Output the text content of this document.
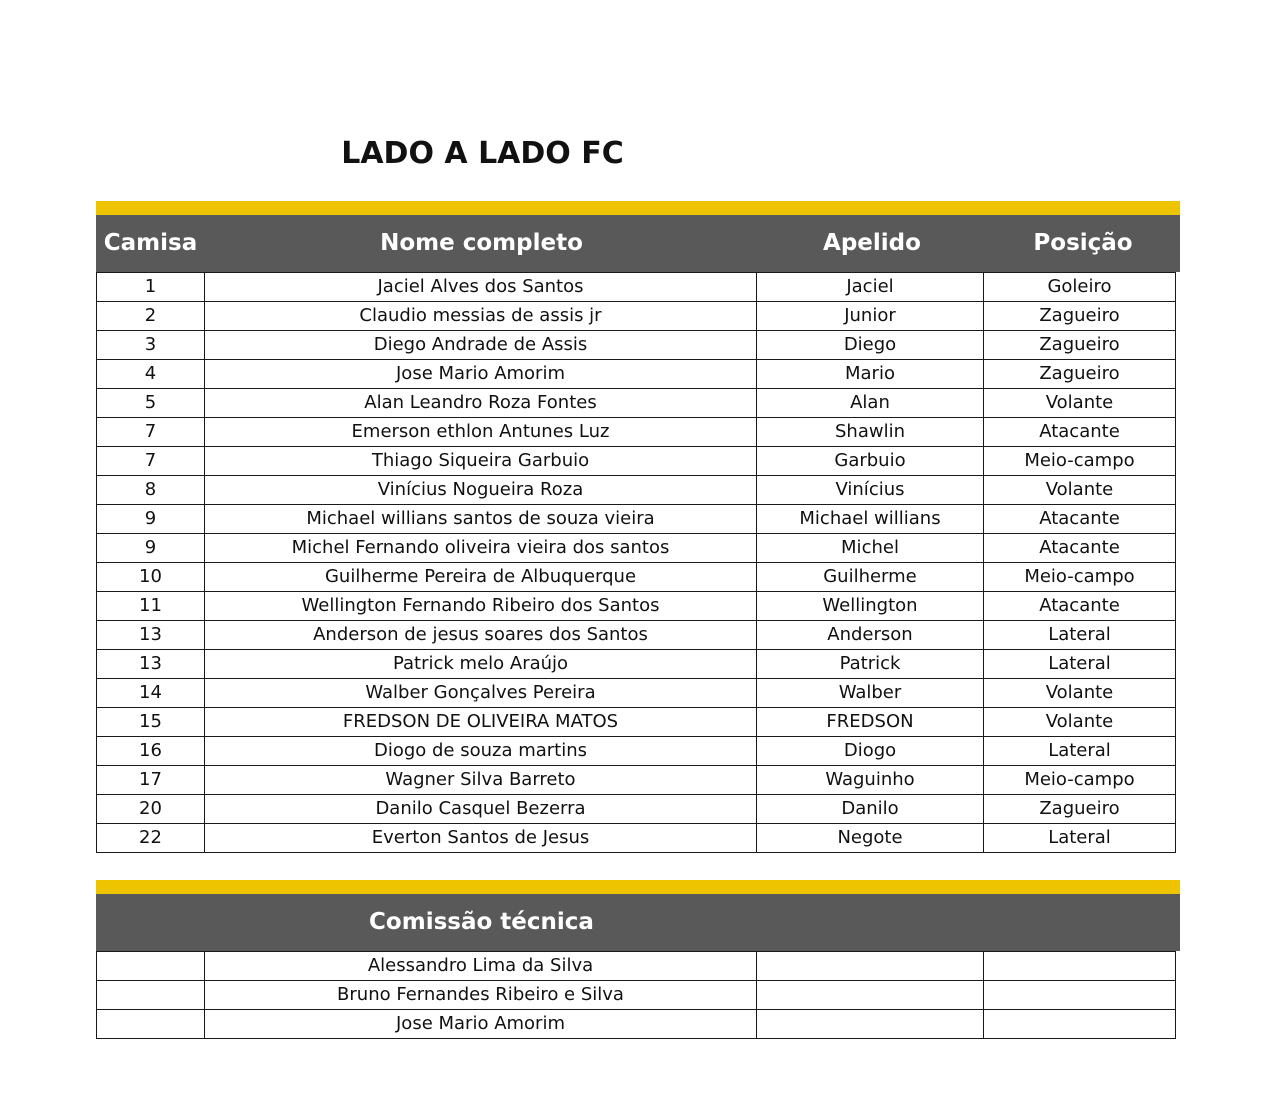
LADO A LADO FC
Camisa	Nome completo	Apelido	Posição
1	Jaciel Alves dos Santos	Jaciel	Goleiro
2	Claudio messias de assis jr	Junior	Zagueiro
3	Diego Andrade de Assis	Diego	Zagueiro
4	Jose Mario Amorim	Mario	Zagueiro
5	Alan Leandro Roza Fontes	Alan	Volante
7	Emerson ethlon Antunes Luz	Shawlin	Atacante
7	Thiago Siqueira Garbuio	Garbuio	Meio-campo
8	Vinícius Nogueira Roza	Vinícius	Volante
9	Michael willians santos de souza vieira	Michael willians	Atacante
9	Michel Fernando oliveira vieira dos santos	Michel	Atacante
10	Guilherme Pereira de Albuquerque	Guilherme	Meio-campo
11	Wellington Fernando Ribeiro dos Santos	Wellington	Atacante
13	Anderson de jesus soares dos Santos	Anderson	Lateral
13	Patrick melo Araújo	Patrick	Lateral
14	Walber Gonçalves Pereira	Walber	Volante
15	FREDSON DE OLIVEIRA MATOS	FREDSON	Volante
16	Diogo de souza martins	Diogo	Lateral
17	Wagner Silva Barreto	Waguinho	Meio-campo
20	Danilo Casquel Bezerra	Danilo	Zagueiro
22	Everton Santos de Jesus	Negote	Lateral
Comissão técnica
	Alessandro Lima da Silva		
	Bruno Fernandes Ribeiro e Silva		
	Jose Mario Amorim		
